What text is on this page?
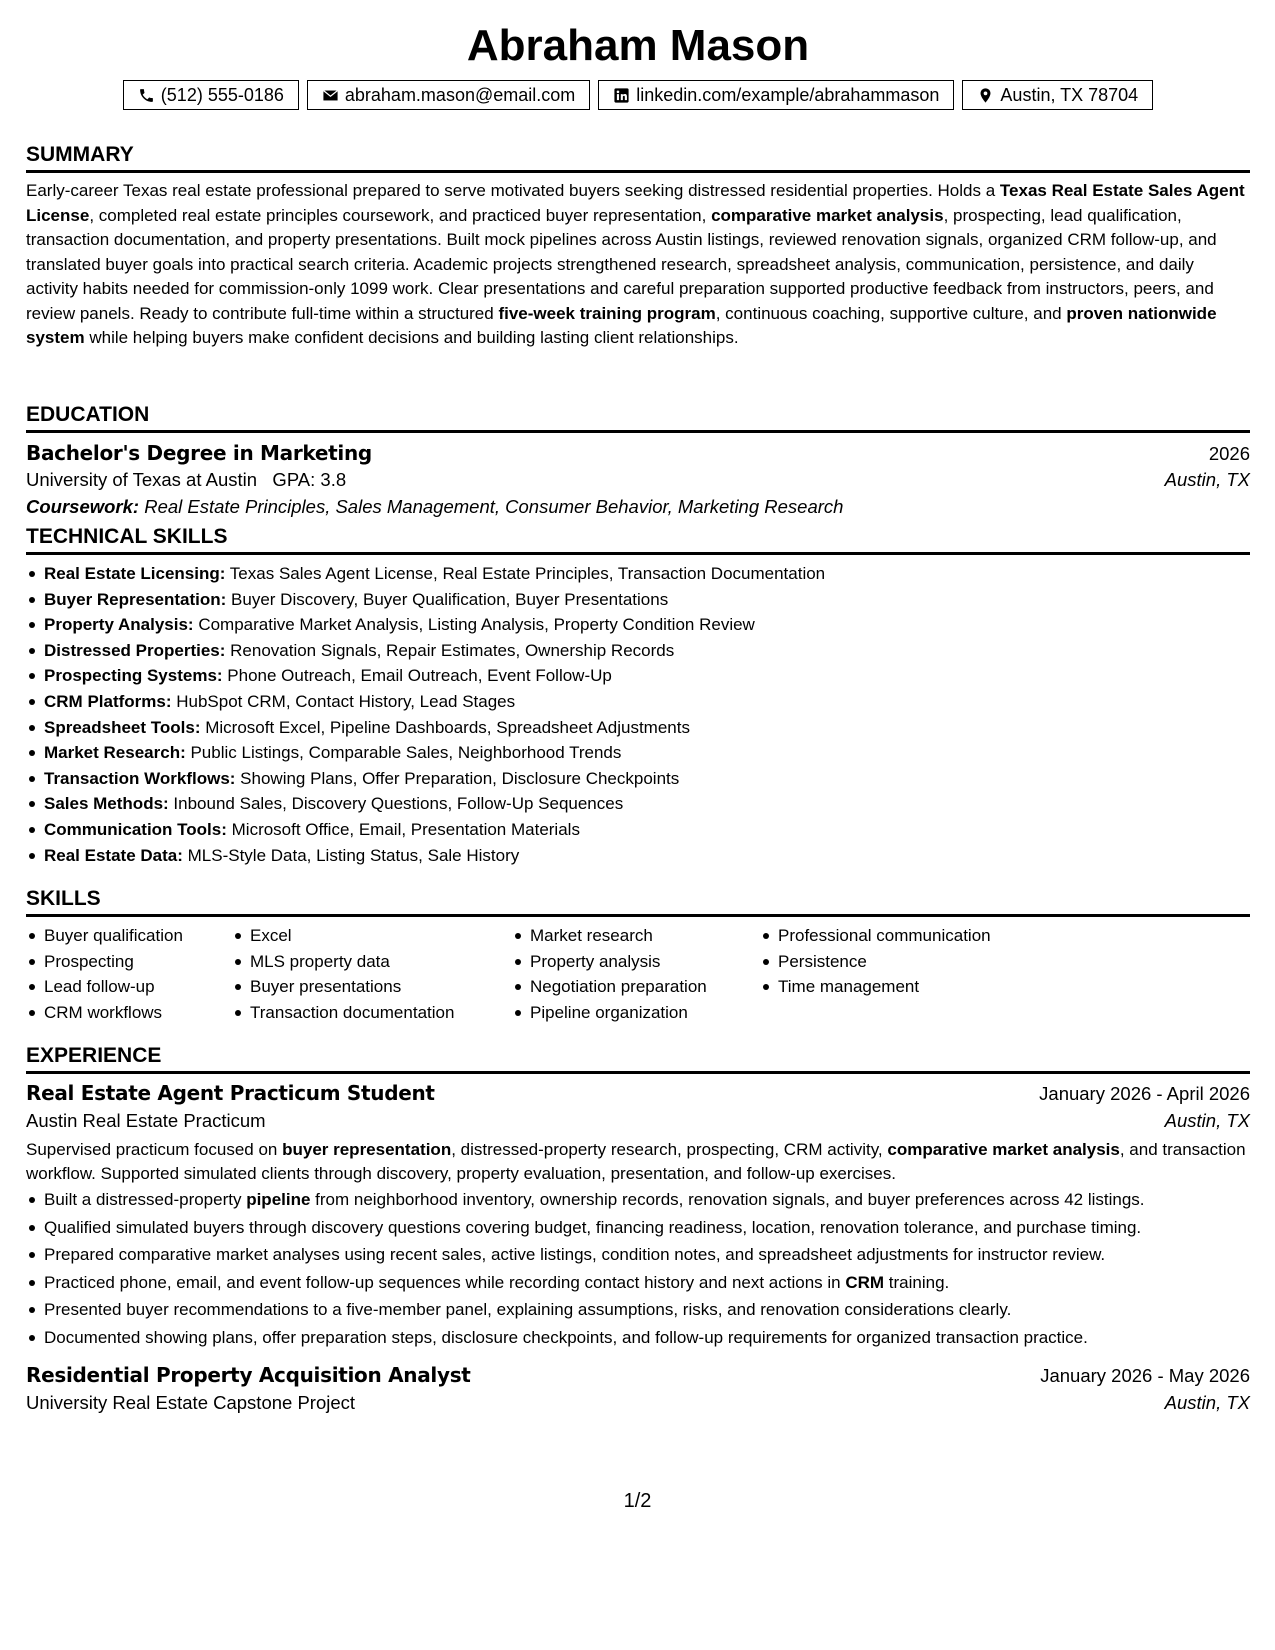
Abraham Mason
(512) 555-0186	abraham.mason@email.com	linkedin.com/example/abrahammason	Austin, TX 78704
SUMMARY

Early-career Texas real estate professional prepared to serve motivated buyers seeking distressed residential properties. Holds a Texas Real Estate Sales Agent License, completed real estate principles coursework, and practiced buyer representation, comparative market analysis, prospecting, lead qualification, transaction documentation, and property presentations. Built mock pipelines across Austin listings, reviewed renovation signals, organized CRM follow-up, and translated buyer goals into practical search criteria. Academic projects strengthened research, spreadsheet analysis, communication, persistence, and daily activity habits needed for commission-only 1099 work. Clear presentations and careful preparation supported productive feedback from instructors, peers, and review panels. Ready to contribute full-time within a structured five-week training program, continuous coaching, supportive culture, and proven nationwide system while helping buyers make confident decisions and building lasting client relationships.

EDUCATION
Bachelor's Degree in Marketing	2026
University of Texas at Austin   GPA: 3.8	Austin, TX
Coursework: Real Estate Principles, Sales Management, Consumer Behavior, Marketing Research
TECHNICAL SKILLS
Real Estate Licensing: Texas Sales Agent License, Real Estate Principles, Transaction Documentation
Buyer Representation: Buyer Discovery, Buyer Qualification, Buyer Presentations
Property Analysis: Comparative Market Analysis, Listing Analysis, Property Condition Review
Distressed Properties: Renovation Signals, Repair Estimates, Ownership Records
Prospecting Systems: Phone Outreach, Email Outreach, Event Follow-Up
CRM Platforms: HubSpot CRM, Contact History, Lead Stages
Spreadsheet Tools: Microsoft Excel, Pipeline Dashboards, Spreadsheet Adjustments
Market Research: Public Listings, Comparable Sales, Neighborhood Trends
Transaction Workflows: Showing Plans, Offer Preparation, Disclosure Checkpoints
Sales Methods: Inbound Sales, Discovery Questions, Follow-Up Sequences
Communication Tools: Microsoft Office, Email, Presentation Materials
Real Estate Data: MLS-Style Data, Listing Status, Sale History
SKILLS
Buyer qualification
Prospecting
Lead follow-up
CRM workflows
Excel
MLS property data
Buyer presentations
Transaction documentation
Market research
Property analysis
Negotiation preparation
Pipeline organization
Professional communication
Persistence
Time management
EXPERIENCE
Real Estate Agent Practicum Student	January 2026 - April 2026
Austin Real Estate Practicum	Austin, TX

Supervised practicum focused on buyer representation, distressed-property research, prospecting, CRM activity, comparative market analysis, and transaction workflow. Supported simulated clients through discovery, property evaluation, presentation, and follow-up exercises.

Built a distressed-property pipeline from neighborhood inventory, ownership records, renovation signals, and buyer preferences across 42 listings.
Qualified simulated buyers through discovery questions covering budget, financing readiness, location, renovation tolerance, and purchase timing.
Prepared comparative market analyses using recent sales, active listings, condition notes, and spreadsheet adjustments for instructor review.
Practiced phone, email, and event follow-up sequences while recording contact history and next actions in CRM training.
Presented buyer recommendations to a five-member panel, explaining assumptions, risks, and renovation considerations clearly.
Documented showing plans, offer preparation steps, disclosure checkpoints, and follow-up requirements for organized transaction practice.
Residential Property Acquisition Analyst	January 2026 - May 2026
University Real Estate Capstone Project	Austin, TX
1/2
